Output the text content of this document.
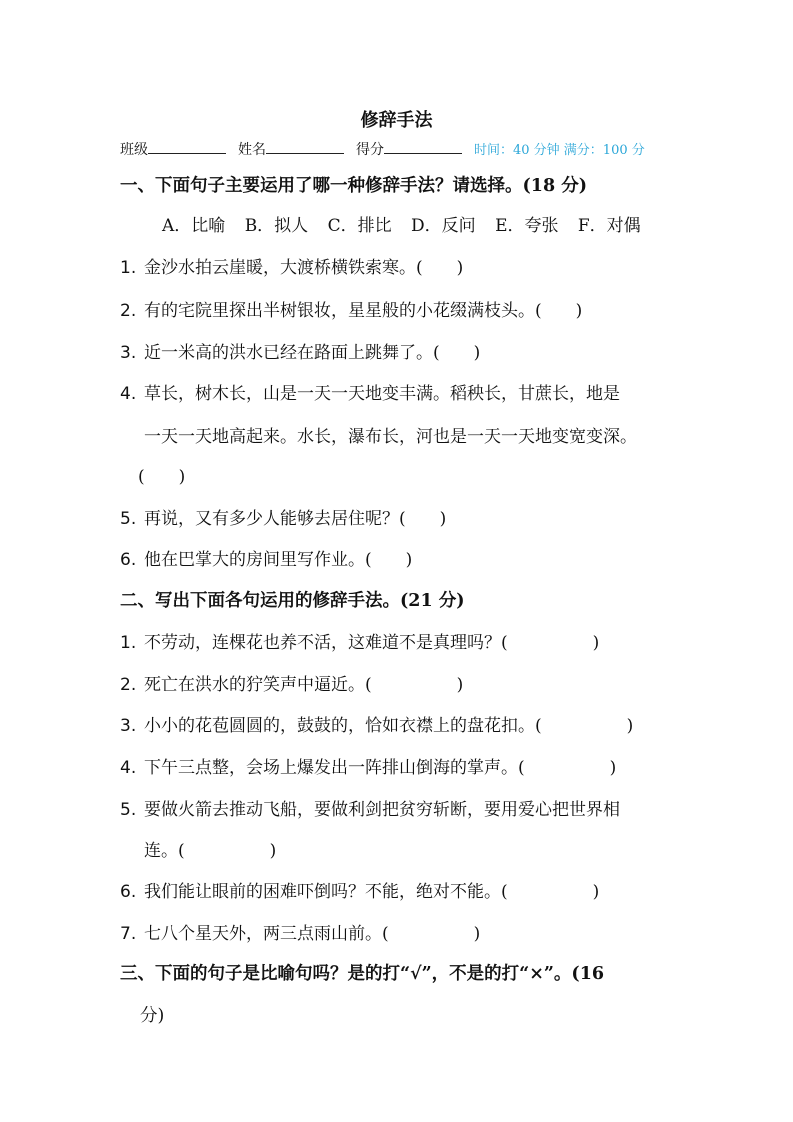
修辞手法
班级	姓名	得分	时间：40 分钟 满分：100 分
一、下面句子主要运用了哪一种修辞手法？请选择。(18 分)
A．比喻 B．拟人 C．排比 D．反问 E．夸张 F．对偶
1. 金沙水拍云崖暖，大渡桥横铁索寒。(　　)
2. 有的宅院里探出半树银妆，星星般的小花缀满枝头。(　　)
3. 近一米高的洪水已经在路面上跳舞了。(　　)
4. 草长，树木长，山是一天一天地变丰满。稻秧长，甘蔗长，地是
一天一天地高起来。水长，瀑布长，河也是一天一天地变宽变深。
(　　)
5. 再说，又有多少人能够去居住呢？(　　)
6. 他在巴掌大的房间里写作业。(　　)
二、写出下面各句运用的修辞手法。(21 分)
1. 不劳动，连棵花也养不活，这难道不是真理吗？(　　　　　)
2. 死亡在洪水的狞笑声中逼近。(　　　　　)
3. 小小的花苞圆圆的，鼓鼓的，恰如衣襟上的盘花扣。(　　　　　)
4. 下午三点整，会场上爆发出一阵排山倒海的掌声。(　　　　　)
5. 要做火箭去推动飞船，要做利剑把贫穷斩断，要用爱心把世界相
连。(　　　　　)
6. 我们能让眼前的困难吓倒吗？不能，绝对不能。(　　　　　)
7. 七八个星天外，两三点雨山前。(　　　　　)
三、下面的句子是比喻句吗？是的打“√”，不是的打“×”。(16
分)
